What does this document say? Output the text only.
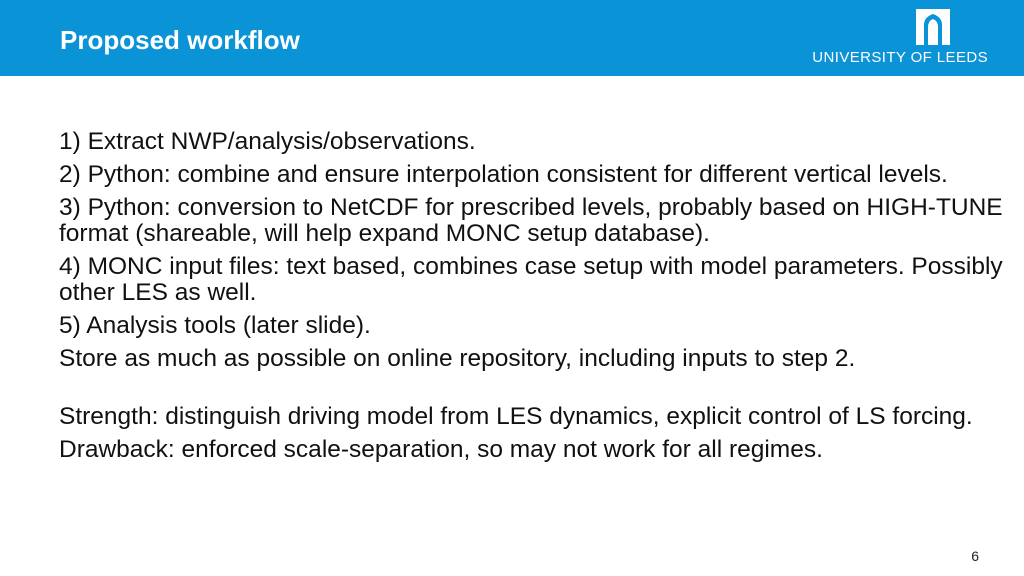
Proposed workflow
UNIVERSITY OF LEEDS

1) Extract NWP/analysis/observations.

2) Python: combine and ensure interpolation consistent for different vertical levels.

3) Python: conversion to NetCDF for prescribed levels, probably based on HIGH-TUNE format (shareable, will help expand MONC setup database).

4) MONC input files: text based, combines case setup with model parameters. Possibly other LES as well.

5) Analysis tools (later slide).

Store as much as possible on online repository, including inputs to step 2.

Strength: distinguish driving model from LES dynamics, explicit control of LS forcing.

Drawback: enforced scale-separation, so may not work for all regimes.

6
